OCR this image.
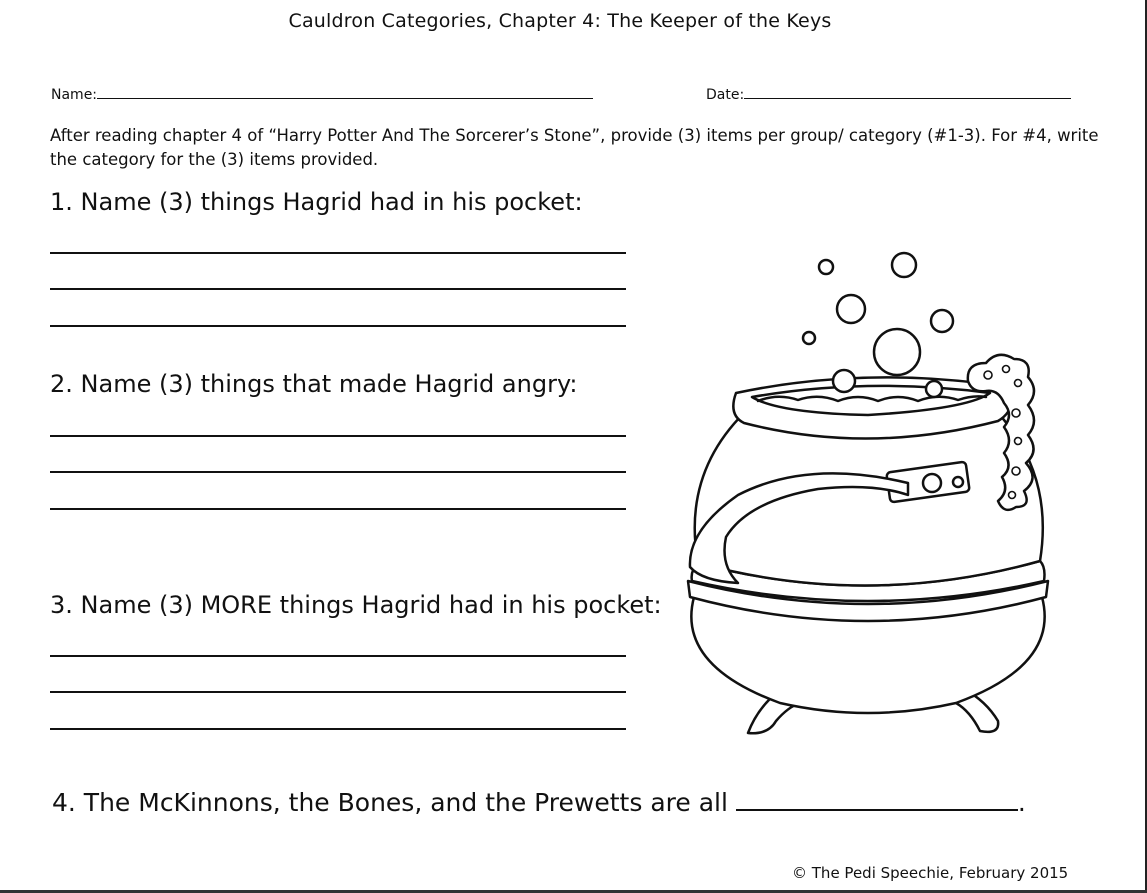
Cauldron Categories, Chapter 4: The Keeper of the Keys
Name:	Date:
After reading chapter 4 of “Harry Potter And The Sorcerer’s Stone”, provide (3) items per group/ category (#1-3). For #4, write the category for the (3) items provided.
1. Name (3) things Hagrid had in his pocket:
2. Name (3) things that made Hagrid angry:
3. Name (3) MORE things Hagrid had in his pocket:
4. The McKinnons, the Bones, and the Prewetts are all	.
© The Pedi Speechie, February 2015
